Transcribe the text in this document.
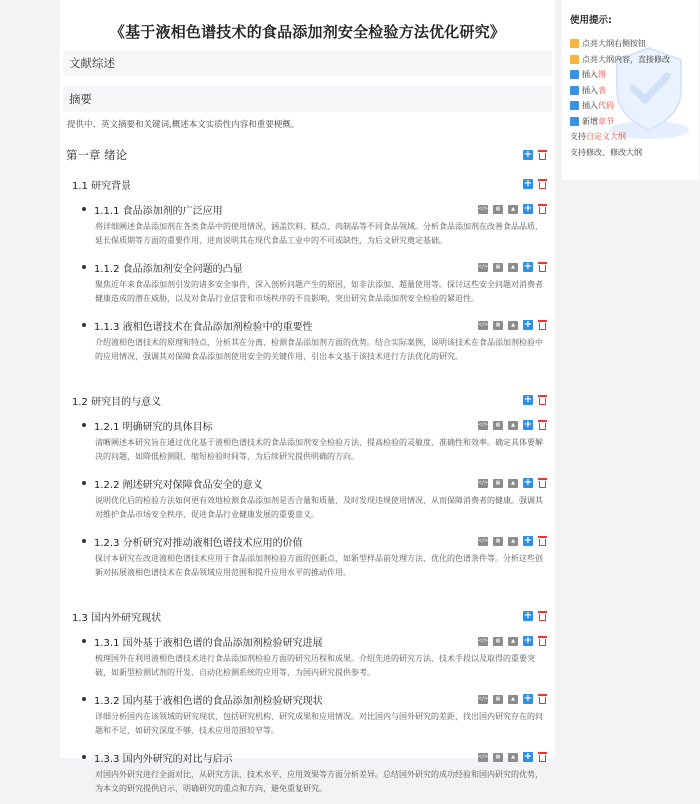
《基于液相色谱技术的食品添加剂安全检验方法优化研究》
文献综述
摘要
提供中、英文摘要和关键词,概述本文实质性内容和重要梗概。
第一章 绪论	+
1.1 研究背景	+
1.1.1 食品添加剂的广泛应用	</>	▦	▲ +
将详细阐述食品添加剂在各类食品中的使用情况，涵盖饮料、糕点、肉制品等不同食品领域。分析食品添加剂在改善食品品质、延长保质期等方面的重要作用，进而说明其在现代食品工业中的不可或缺性，为后文研究奠定基础。
1.1.2 食品添加剂安全问题的凸显	</>	▦	▲ +
聚焦近年来食品添加剂引发的诸多安全事件，深入剖析问题产生的原因，如非法添加、超量使用等。探讨这些安全问题对消费者健康造成的潜在威胁，以及对食品行业信誉和市场秩序的不良影响，突出研究食品添加剂安全检验的紧迫性。
1.1.3 液相色谱技术在食品添加剂检验中的重要性	</>	▦	▲ +
介绍液相色谱技术的原理和特点，分析其在分离、检测食品添加剂方面的优势。结合实际案例，说明该技术在食品添加剂检验中的应用情况，强调其对保障食品添加剂使用安全的关键作用，引出本文基于该技术进行方法优化的研究。
1.2 研究目的与意义	+
1.2.1 明确研究的具体目标	</>	▦	▲ +
清晰阐述本研究旨在通过优化基于液相色谱技术的食品添加剂安全检验方法，提高检验的灵敏度、准确性和效率。确定具体要解决的问题，如降低检测限、缩短检验时间等，为后续研究提供明确的方向。
1.2.2 阐述研究对保障食品安全的意义	</>	▦	▲ +
说明优化后的检验方法如何更有效地检测食品添加剂是否合量和质量，及时发现违规使用情况，从而保障消费者的健康。强调其对维护食品市场安全秩序、促进食品行业健康发展的重要意义。
1.2.3 分析研究对推动液相色谱技术应用的价值	</>	▦	▲ +
探讨本研究在改进液相色谱技术应用于食品添加剂检验方面的创新点，如新型样品前处理方法、优化的色谱条件等。分析这些创新对拓展液相色谱技术在食品领域应用范围和提升应用水平的推动作用。
1.3 国内外研究现状	+
1.3.1 国外基于液相色谱的食品添加剂检验研究进展	</>	▦	▲ +
梳理国外在利用液相色谱技术进行食品添加剂检验方面的研究历程和成果。介绍先进的研究方法、技术手段以及取得的重要突破，如新型检测试剂的开发、自动化检测系统的应用等，为国内研究提供参考。
1.3.2 国内基于液相色谱的食品添加剂检验研究现状	</>	▦	▲ +
详细分析国内在该领域的研究现状，包括研究机构、研究成果和应用情况。对比国内与国外研究的差距，找出国内研究存在的问题和不足，如研究深度不够、技术应用范围较窄等。
1.3.3 国内外研究的对比与启示	</>	▦	▲ +
对国内外研究进行全面对比，从研究方法、技术水平、应用效果等方面分析差异。总结国外研究的成功经验和国内研究的优势，为本文的研究提供启示，明确研究的重点和方向，避免重复研究。
使用提示:
点亮大纲右侧按钮
点亮大纲内容，直接修改
插入 图
插入 表
插入 代码
新增 章节
支持 自定义大纲
支持修改、修改大纲
